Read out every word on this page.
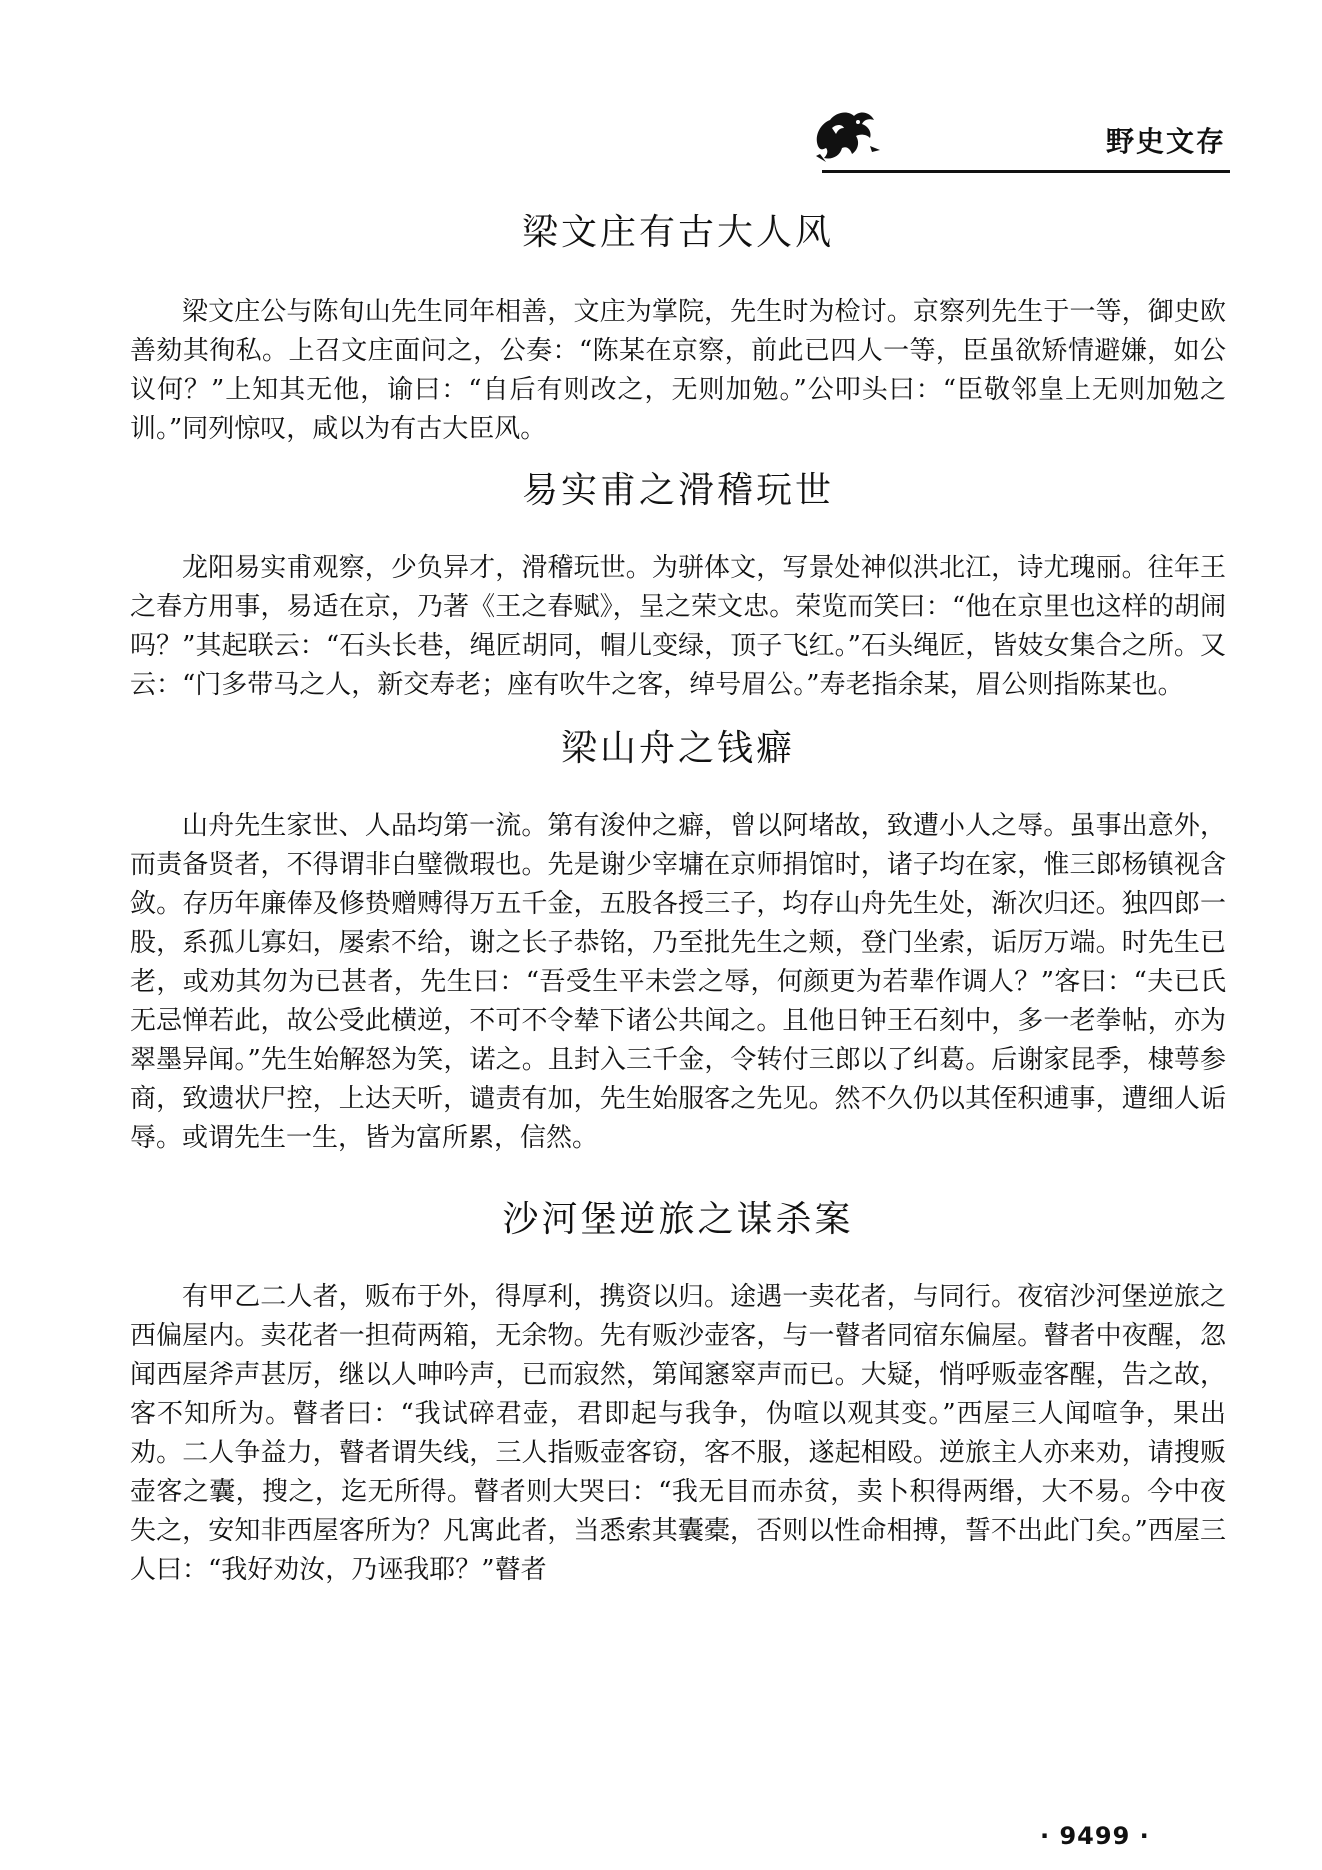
野史文存
梁文庄有古大人风

梁文庄公与陈旬山先生同年相善，文庄为掌院，先生时为检讨。京察列先生于一等，御史欧善劾其徇私。上召文庄面问之，公奏：“陈某在京察，前此已四人一等，臣虽欲矫情避嫌，如公议何？”上知其无他，谕曰：“自后有则改之，无则加勉。”公叩头曰：“臣敬邻皇上无则加勉之训。”同列惊叹，咸以为有古大臣风。

易实甫之滑稽玩世

龙阳易实甫观察，少负异才，滑稽玩世。为骈体文，写景处神似洪北江，诗尤瑰丽。往年王之春方用事，易适在京，乃著《王之春赋》，呈之荣文忠。荣览而笑曰：“他在京里也这样的胡闹吗？”其起联云：“石头长巷，绳匠胡同，帽儿变绿，顶子飞红。”石头绳匠，皆妓女集合之所。又云：“门多带马之人，新交寿老；座有吹牛之客，绰号眉公。”寿老指余某，眉公则指陈某也。

梁山舟之钱癖

山舟先生家世、人品均第一流。第有浚仲之癖，曾以阿堵故，致遭小人之辱。虽事出意外，而责备贤者，不得谓非白璧微瑕也。先是谢少宰墉在京师捐馆时，诸子均在家，惟三郎杨镇视含敛。存历年廉俸及修贽赠赙得万五千金，五股各授三子，均存山舟先生处，渐次归还。独四郎一股，系孤儿寡妇，屡索不给，谢之长子恭铭，乃至批先生之颊，登门坐索，诟厉万端。时先生已老，或劝其勿为已甚者，先生曰：“吾受生平未尝之辱，何颜更为若辈作调人？”客曰：“夫已氏无忌惮若此，故公受此横逆，不可不令辇下诸公共闻之。且他日钟王石刻中，多一老拳帖，亦为翠墨异闻。”先生始解怒为笑，诺之。且封入三千金，令转付三郎以了纠葛。后谢家昆季，棣萼参商，致遗状尸控，上达天听，谴责有加，先生始服客之先见。然不久仍以其侄积逋事，遭细人诟辱。或谓先生一生，皆为富所累，信然。

沙河堡逆旅之谋杀案

有甲乙二人者，贩布于外，得厚利，携资以归。途遇一卖花者，与同行。夜宿沙河堡逆旅之西偏屋内。卖花者一担荷两箱，无余物。先有贩沙壶客，与一瞽者同宿东偏屋。瞽者中夜醒，忽闻西屋斧声甚厉，继以人呻吟声，已而寂然，第闻窸窣声而已。大疑，悄呼贩壶客醒，告之故，客不知所为。瞽者曰：“我试碎君壶，君即起与我争，伪喧以观其变。”西屋三人闻喧争，果出劝。二人争益力，瞽者谓失线，三人指贩壶客窃，客不服，遂起相殴。逆旅主人亦来劝，请搜贩壶客之囊，搜之，迄无所得。瞽者则大哭曰：“我无目而赤贫，卖卜积得两缗，大不易。今中夜失之，安知非西屋客所为？凡寓此者，当悉索其囊橐，否则以性命相搏，誓不出此门矣。”西屋三人曰：“我好劝汝，乃诬我耶？”瞽者

· 9499 ·
